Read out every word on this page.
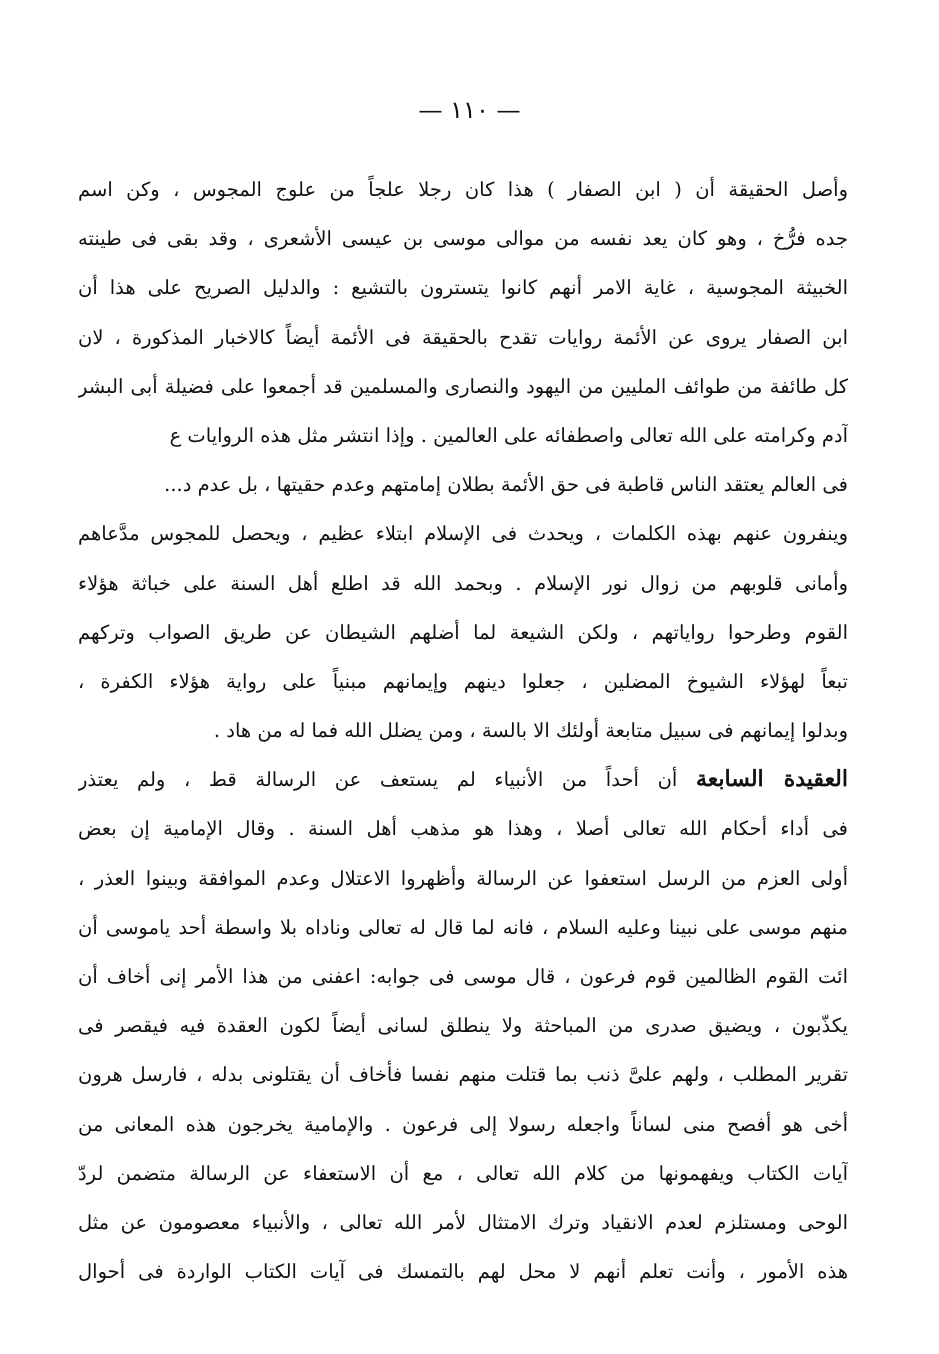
— ١١٠ —
وأصل الحقيقة أن ( ابن الصفار ) هذا كان رجلا علجاً من علوج المجوس ، وكن اسم
جده فرُّخ ، وهو كان يعد نفسه من موالى موسى بن عيسى الأشعرى ، وقد بقى فى طينته
الخبيثة المجوسية ، غاية الامر أنهم كانوا يتسترون بالتشيع : والدليل الصريح على هذا أن
ابن الصفار يروى عن الأئمة روايات تقدح بالحقيقة فى الأئمة أيضاً كالاخبار المذكورة ، لان
كل طائفة من طوائف المليين من اليهود والنصارى والمسلمين قد أجمعوا على فضيلة أبى البشر
آدم وكرامته على الله تعالى واصطفائه على العالمين . وإذا انتشر مثل هذه الروايات ع
فى العالم يعتقد الناس قاطبة فى حق الأئمة بطلان إمامتهم وعدم حقيتها ، بل عدم د...
وينفرون عنهم بهذه الكلمات ، ويحدث فى الإسلام ابتلاء عظيم ، ويحصل للمجوس مدَّعاهم
وأمانى قلوبهم من زوال نور الإسلام . وبحمد الله قد اطلع أهل السنة على خباثة هؤلاء
القوم وطرحوا رواياتهم ، ولكن الشيعة لما أضلهم الشيطان عن طريق الصواب وتركهم
تبعاً لهؤلاء الشيوخ المضلين ، جعلوا دينهم وإيمانهم مبنياً على رواية هؤلاء الكفرة ،
وبدلوا إيمانهم فى سبيل متابعة أولئك الا بالسة ، ومن يضلل الله فما له من هاد .
العقيدة السابعة أن أحداً من الأنبياء لم يستعف عن الرسالة قط ، ولم يعتذر
فى أداء أحكام الله تعالى أصلا ، وهذا هو مذهب أهل السنة . وقال الإمامية إن بعض
أولى العزم من الرسل استعفوا عن الرسالة وأظهروا الاعتلال وعدم الموافقة وبينوا العذر ،
منهم موسى على نبينا وعليه السلام ، فانه لما قال له تعالى وناداه بلا واسطة أحد ياموسى أن
ائت القوم الظالمين قوم فرعون ، قال موسى فى جوابه: اعفنى من هذا الأمر إنى أخاف أن
يكذّبون ، ويضيق صدرى من المباحثة ولا ينطلق لسانى أيضاً لكون العقدة فيه فيقصر فى
تقرير المطلب ، ولهم علىَّ ذنب بما قتلت منهم نفسا فأخاف أن يقتلونى بدله ، فارسل هرون
أخى هو أفصح منى لساناً واجعله رسولا إلى فرعون . والإمامية يخرجون هذه المعانى من
آيات الكتاب ويفهمونها من كلام الله تعالى ، مع أن الاستعفاء عن الرسالة متضمن لردّ
الوحى ومستلزم لعدم الانقياد وترك الامتثال لأمر الله تعالى ، والأنبياء معصومون عن مثل
هذه الأمور ، وأنت تعلم أنهم لا محل لهم بالتمسك فى آيات الكتاب الواردة فى أحوال
